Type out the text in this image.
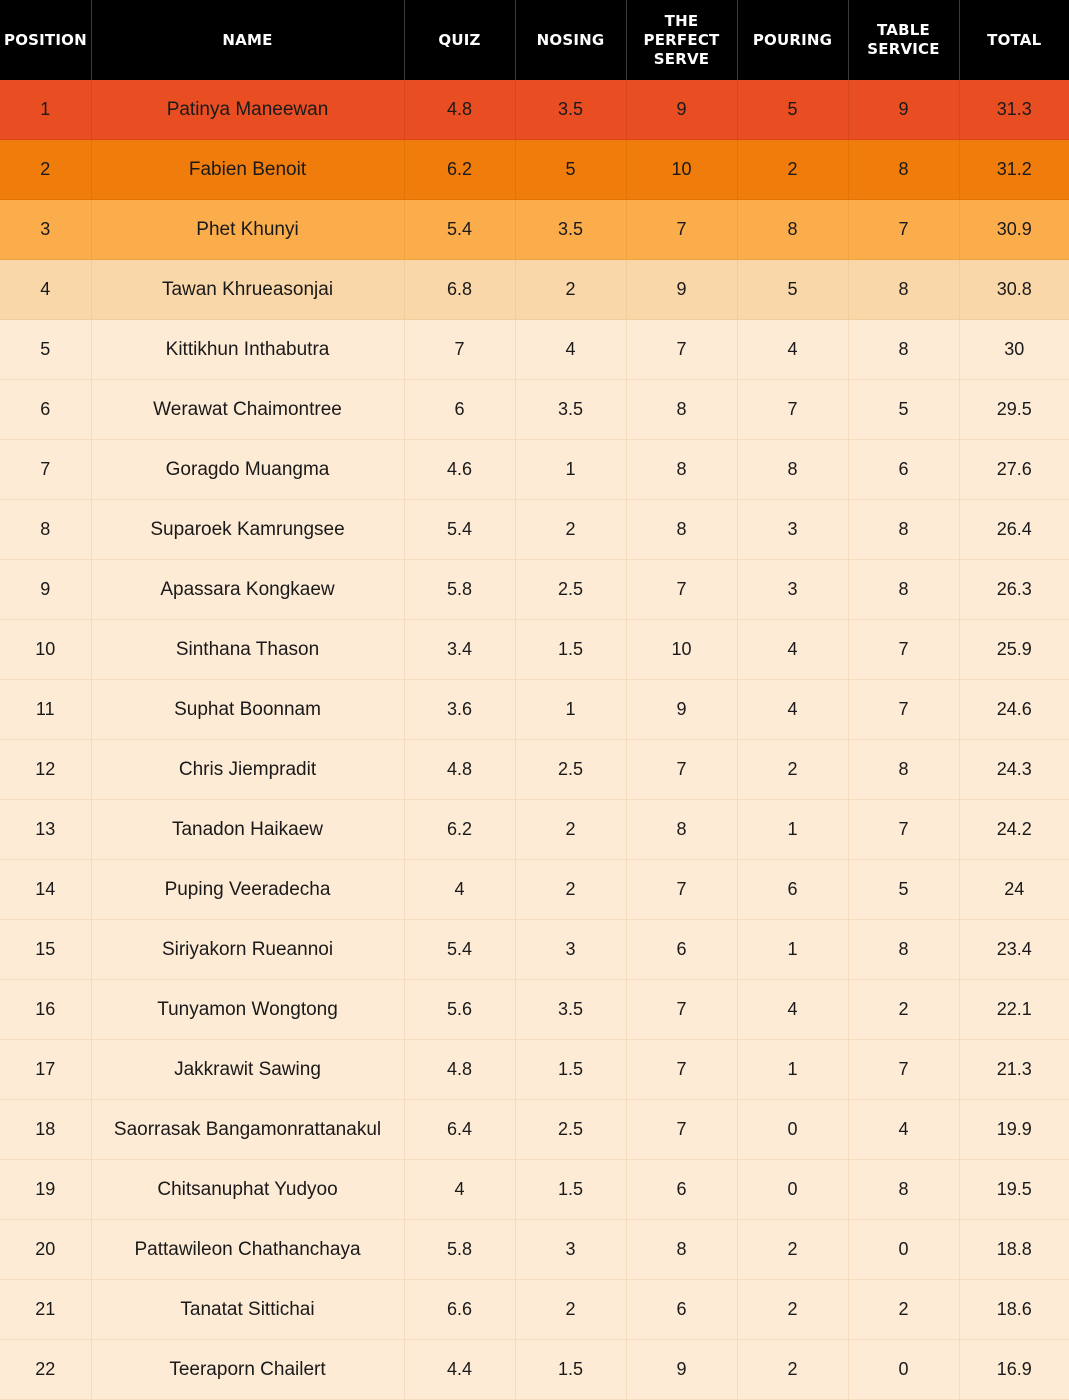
POSITION	NAME	QUIZ	NOSING	THE PERFECT SERVE	POURING	TABLE SERVICE	TOTAL
1	Patinya Maneewan	4.8	3.5	9	5	9	31.3
2	Fabien Benoit	6.2	5	10	2	8	31.2
3	Phet Khunyi	5.4	3.5	7	8	7	30.9
4	Tawan Khrueasonjai	6.8	2	9	5	8	30.8
5	Kittikhun Inthabutra	7	4	7	4	8	30
6	Werawat Chaimontree	6	3.5	8	7	5	29.5
7	Goragdo Muangma	4.6	1	8	8	6	27.6
8	Suparoek Kamrungsee	5.4	2	8	3	8	26.4
9	Apassara Kongkaew	5.8	2.5	7	3	8	26.3
10	Sinthana Thason	3.4	1.5	10	4	7	25.9
11	Suphat Boonnam	3.6	1	9	4	7	24.6
12	Chris Jiempradit	4.8	2.5	7	2	8	24.3
13	Tanadon Haikaew	6.2	2	8	1	7	24.2
14	Puping Veeradecha	4	2	7	6	5	24
15	Siriyakorn Rueannoi	5.4	3	6	1	8	23.4
16	Tunyamon Wongtong	5.6	3.5	7	4	2	22.1
17	Jakkrawit Sawing	4.8	1.5	7	1	7	21.3
18	Saorrasak Bangamonrattanakul	6.4	2.5	7	0	4	19.9
19	Chitsanuphat Yudyoo	4	1.5	6	0	8	19.5
20	Pattawileon Chathanchaya	5.8	3	8	2	0	18.8
21	Tanatat Sittichai	6.6	2	6	2	2	18.6
22	Teeraporn Chailert	4.4	1.5	9	2	0	16.9
